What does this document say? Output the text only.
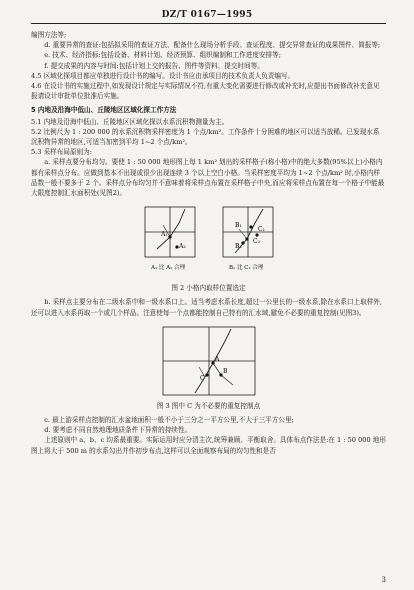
DZ/T 0167—1995

编图方法等;

d. 重要异常的查证:包括拟采用的查证方法、配备什么现场分析手段、查证程度、提交异常查证的成果图件、简报等;

e. 技术、经济指标:包括设备、材料计划、经济预算、组织编制和工作进度安排等;

f. 提交成果的内容与时间:包括计划上交的报告、图件等资料、提交时间等。

4.5 区域化探项目都应单独进行设计书的编写。设计书应由承项目的技术负责人负责编写。

4.6 在设计书的实施过程中,如发现设计规定与实际情况不符,有重大变化需要进行修改或补充时,应提出书面修改补充意见报请设计审批单位批准后实施。

5 内地及沿海中低山、丘陵地区区域化探工作方法

5.1 内地及沿海中低山、丘陵地区区域化探以水系沉积物测量为主。

5.2 比例尺为 1 : 200 000 的水系沉积物采样密度为 1 个点/km²。工作条件十分困难的地区可以适当放稀。已发现水系沉积物异常的地区,可适当加密到平均 1~2 个点/km²。

5.3 采样布局原则为:

a. 采样点要分布均匀。要使 1 : 50 000 地形图上每 1 km² 划出的采样格子(称小格)中的绝大多数(95%以上)小格内都有采样点分布。应做到基本不出现或很少出现连续 3 个以上空白小格。当采样密度平均为 1~2 个点/km² 时,小格内样品数一般不要多于 2 个。采样点分布均匀并不意味着将采样点布置在采样格子中央,而应将采样点布置在每一个格子中能最大限度控制汇水面积处(见图2)。

A₁
A₂
A₁ 比 A₂ 合理
B₁
B₂
C₁
C₂
B₁ 比 C₁ 合理

图 2 小格内取样位置选定

b. 采样点主要分布在二级水系中和一级水系口上。适当考虑水系长度,超过一公里长的一级水系,除在水系口上取样外,还可以进入水系再取一个或几个样品。注意使每一个点都能控制自己特有的汇水域,避免不必要的重复控制(见图3)。

A
B
C

图 3 图中 C 为不必要的重复控制点

c. 最上游采样点控制的汇水盆地面积一般不小于三分之一平方公里,不大于三平方公里;

d. 要考虑不同自然地理地质条件下异常的持续性。

上述原则中 a、b、c 均系最重要。实际运用时应分清主次,统筹兼顾、平衡取舍。具体布点作法是:在 1 : 50 000 地形图上将大于 500 m 的水系勾出并作初步布点,这样可以全面观察布局的均匀性和是否

3
